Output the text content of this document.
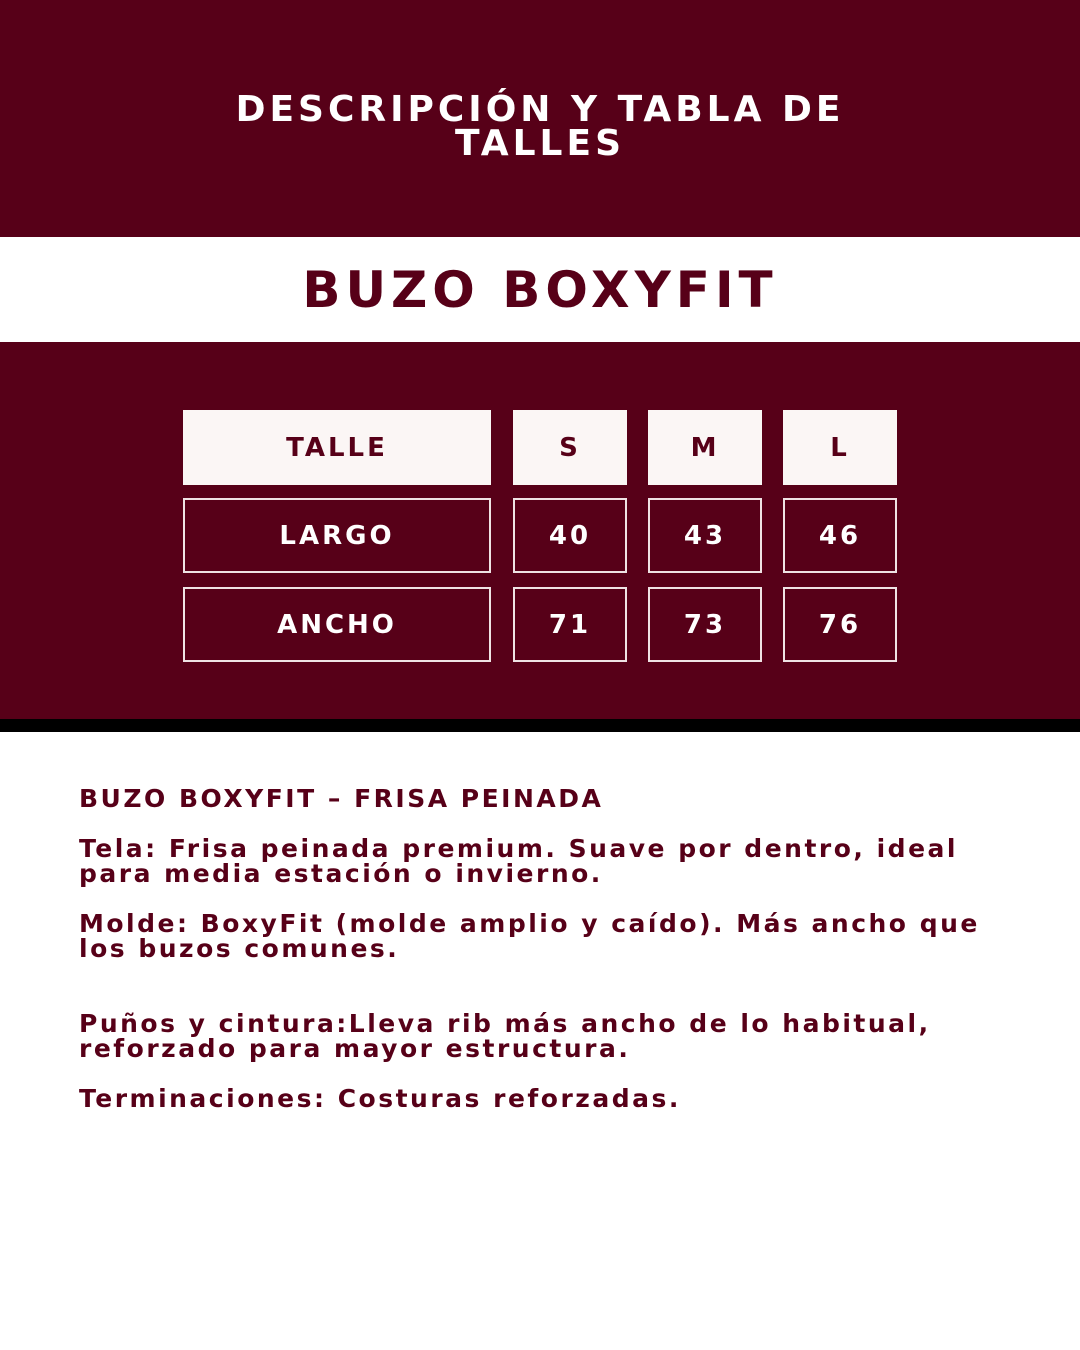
DESCRIPCIÓN Y TABLA DE
TALLES
BUZO BOXYFIT
TALLE	S	M	L
LARGO	40	43	46
ANCHO	71	73	76

BUZO BOXYFIT – FRISA PEINADA

Tela: Frisa peinada premium. Suave por dentro, ideal para media estación o invierno.

Molde: BoxyFit (molde amplio y caído). Más ancho que los buzos comunes.

Puños y cintura:Lleva rib más ancho de lo habitual, reforzado para mayor estructura.

Terminaciones: Costuras reforzadas.
